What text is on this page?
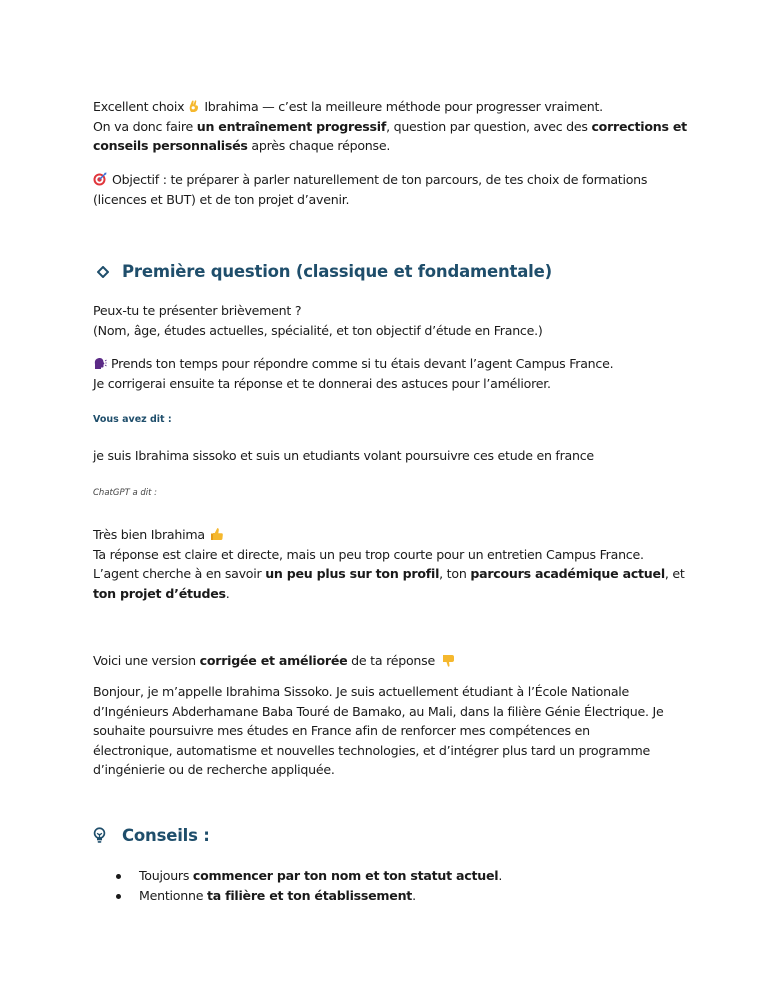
Excellent choix Ibrahima — c’est la meilleure méthode pour progresser vraiment.
On va donc faire un entraînement progressif, question par question, avec des corrections et
conseils personnalisés après chaque réponse.
Objectif : te préparer à parler naturellement de ton parcours, de tes choix de formations
(licences et BUT) et de ton projet d’avenir.
Première question (classique et fondamentale)
Peux-tu te présenter brièvement ?
(Nom, âge, études actuelles, spécialité, et ton objectif d’étude en France.)
Prends ton temps pour répondre comme si tu étais devant l’agent Campus France.
Je corrigerai ensuite ta réponse et te donnerai des astuces pour l’améliorer.
Vous avez dit :
je suis Ibrahima sissoko et suis un etudiants volant poursuivre ces etude en france
ChatGPT a dit :
Très bien Ibrahima
Ta réponse est claire et directe, mais un peu trop courte pour un entretien Campus France.
L’agent cherche à en savoir un peu plus sur ton profil, ton parcours académique actuel, et
ton projet d’études.
Voici une version corrigée et améliorée de ta réponse
Bonjour, je m’appelle Ibrahima Sissoko. Je suis actuellement étudiant à l’École Nationale
d’Ingénieurs Abderhamane Baba Touré de Bamako, au Mali, dans la filière Génie Électrique. Je
souhaite poursuivre mes études en France afin de renforcer mes compétences en
électronique, automatisme et nouvelles technologies, et d’intégrer plus tard un programme
d’ingénierie ou de recherche appliquée.
Conseils :
Toujours commencer par ton nom et ton statut actuel.
Mentionne ta filière et ton établissement.
